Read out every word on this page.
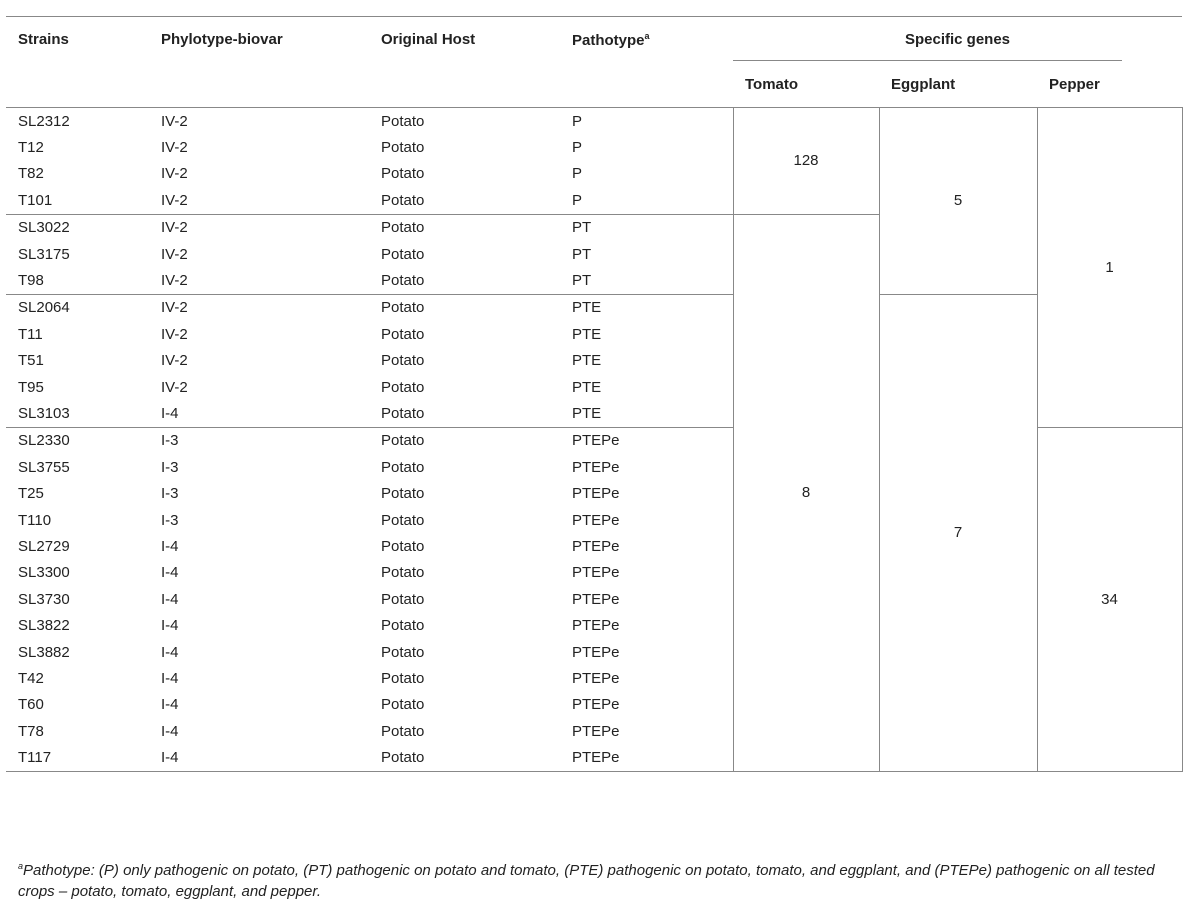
Strains	Phylotype-biovar	Original Host	Pathotype$^a$	Specific genes		

				Tomato	Eggplant	Pepper
SL2312	IV-2	Potato	P	128	5	1
T12	IV-2	Potato	P			
T82	IV-2	Potato	P			
T101	IV-2	Potato	P			
SL3022	IV-2	Potato	PT	8		
SL3175	IV-2	Potato	PT			
T98	IV-2	Potato	PT			
SL2064	IV-2	Potato	PTE		7	
T11	IV-2	Potato	PTE			
T51	IV-2	Potato	PTE			
T95	IV-2	Potato	PTE			
SL3103	I-4	Potato	PTE			
SL2330	I-3	Potato	PTEPe			34
SL3755	I-3	Potato	PTEPe			
T25	I-3	Potato	PTEPe			
T110	I-3	Potato	PTEPe			
SL2729	I-4	Potato	PTEPe			
SL3300	I-4	Potato	PTEPe			
SL3730	I-4	Potato	PTEPe			
SL3822	I-4	Potato	PTEPe			
SL3882	I-4	Potato	PTEPe			
T42	I-4	Potato	PTEPe			
T60	I-4	Potato	PTEPe			
T78	I-4	Potato	PTEPe			
T117	I-4	Potato	PTEPe			
$^a$Pathotype: (P) only pathogenic on potato, (PT) pathogenic on potato and tomato, (PTE) pathogenic on potato, tomato, and eggplant, and (PTEPe) pathogenic on all tested crops – potato, tomato, eggplant, and pepper.
